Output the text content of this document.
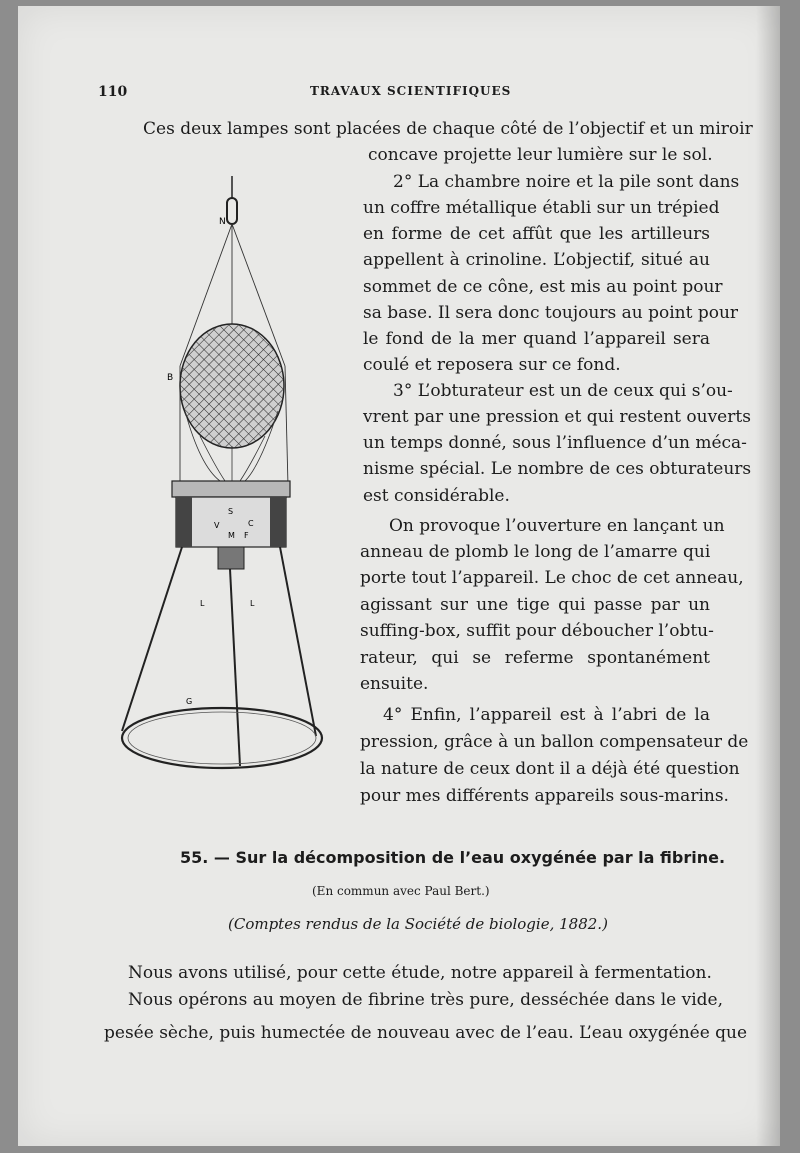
110	TRAVAUX SCIENTIFIQUES
Ces deux lampes sont placées de chaque côté de l’objectif et un miroir
concave projette leur lumière sur le sol.
2° La chambre noire et la pile sont dans
un coffre métallique établi sur un trépied
en forme de cet affût que les artilleurs
appellent à crinoline. L’objectif, situé au
sommet de ce cône, est mis au point pour
sa base. Il sera donc toujours au point pour
le fond de la mer quand l’appareil sera
coulé et reposera sur ce fond.
3° L’obturateur est un de ceux qui s’ou-
vrent par une pression et qui restent ouverts
un temps donné, sous l’influence d’un méca-
nisme spécial. Le nombre de ces obturateurs
est considérable.
On provoque l’ouverture en lançant un
anneau de plomb le long de l’amarre qui
porte tout l’appareil. Le choc de cet anneau,
agissant sur une tige qui passe par un
suffing-box, suffit pour déboucher l’obtu-
rateur, qui se referme spontanément
ensuite.
4° Enfin, l’appareil est à l’abri de la
pression, grâce à un ballon compensateur de
la nature de ceux dont il a déjà été question
pour mes différents appareils sous-marins.
N
B
S
C
V
M F
L	L
G
55. — Sur la décomposition de l’eau oxygénée par la fibrine.
(En commun avec Paul Bert.)
(Comptes rendus de la Société de biologie, 1882.)
Nous avons utilisé, pour cette étude, notre appareil à fermentation.
Nous opérons au moyen de fibrine très pure, desséchée dans le vide,
pesée sèche, puis humectée de nouveau avec de l’eau. L’eau oxygénée que
